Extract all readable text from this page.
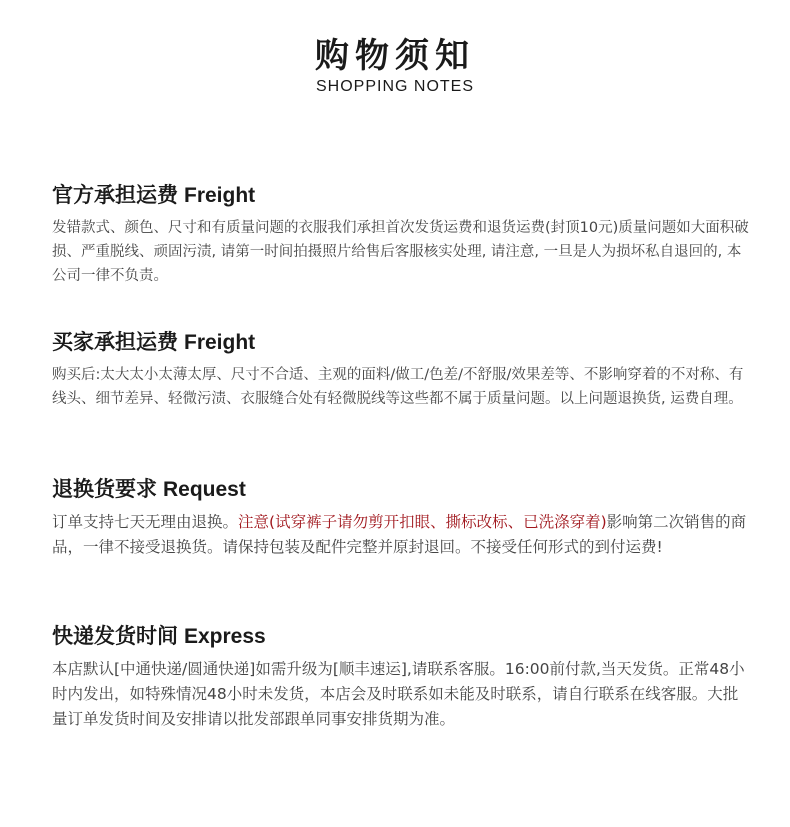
购物须知
SHOPPING NOTES
官方承担运费 Freight

发错款式、颜色、尺寸和有质量问题的衣服我们承担首次发货运费和退货运费(封顶10元)质量问题如大面积破损、严重脱线、顽固污渍, 请第一时间拍摄照片给售后客服核实处理, 请注意, 一旦是人为损坏私自退回的, 本公司一律不负责。

买家承担运费 Freight

购买后:太大太小太薄太厚、尺寸不合适、主观的面料/做工/色差/不舒服/效果差等、不影响穿着的不对称、有线头、细节差异、轻微污渍、衣服缝合处有轻微脱线等这些都不属于质量问题。以上问题退换货, 运费自理。

退换货要求 Request

订单支持七天无理由退换。注意(试穿裤子请勿剪开扣眼、撕标改标、已洗涤穿着)影响第二次销售的商品，一律不接受退换货。请保持包装及配件完整并原封退回。不接受任何形式的到付运费!

快递发货时间 Express

本店默认[中通快递/圆通快递]如需升级为[顺丰速运],请联系客服。16:00前付款,当天发货。正常48小时内发出，如特殊情况48小时未发货，本店会及时联系如未能及时联系，请自行联系在线客服。大批量订单发货时间及安排请以批发部跟单同事安排货期为准。
